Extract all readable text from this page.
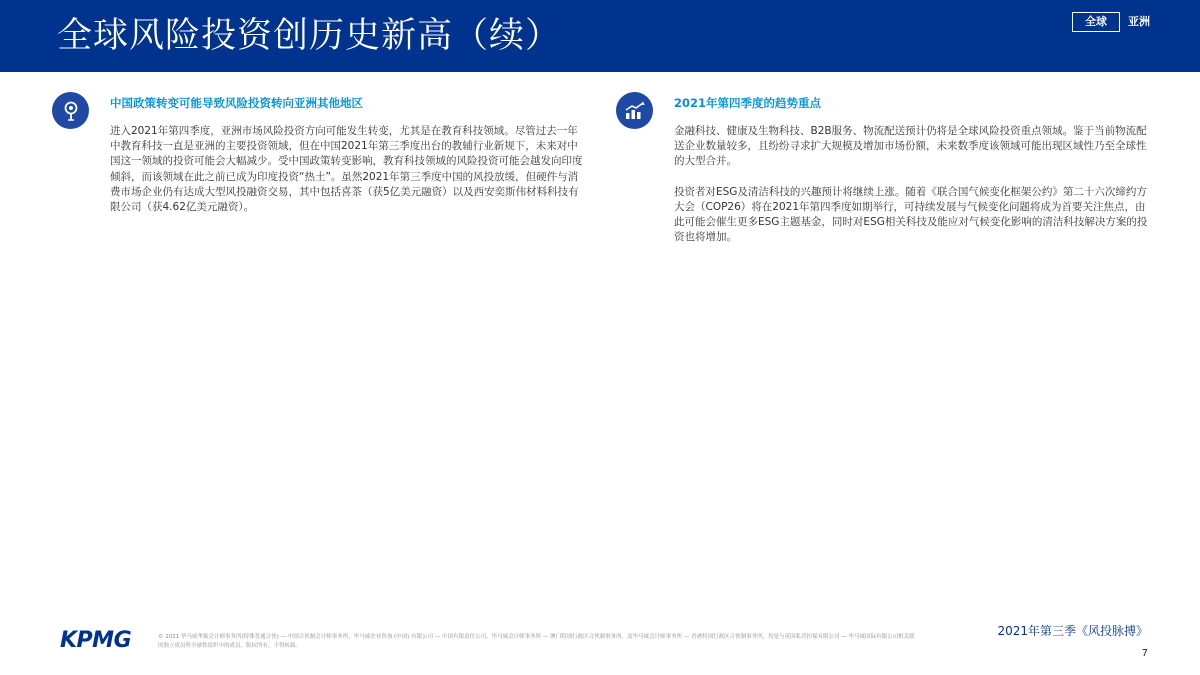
全球风险投资创历史新高（续）	全球	亚洲
中国政策转变可能导致风险投资转向亚洲其他地区

进入2021年第四季度，亚洲市场风险投资方向可能发生转变，尤其是在教育科技领域。尽管过去一年中教育科技一直是亚洲的主要投资领域，但在中国2021年第三季度出台的教辅行业新规下，未来对中国这一领域的投资可能会大幅减少。受中国政策转变影响，教育科技领域的风险投资可能会越发向印度倾斜，而该领域在此之前已成为印度投资“热土”。虽然2021年第三季度中国的风投放缓，但硬件与消费市场企业仍有达成大型风投融资交易，其中包括喜茶（获5亿美元融资）以及西安奕斯伟材料科技有限公司（获4.62亿美元融资）。

2021年第四季度的趋势重点

金融科技、健康及生物科技、B2B服务、物流配送预计仍将是全球风险投资重点领域。鉴于当前物流配送企业数量较多，且纷纷寻求扩大规模及增加市场份额，未来数季度该领域可能出现区域性乃至全球性的大型合并。

投资者对ESG及清洁科技的兴趣预计将继续上涨。随着《联合国气候变化框架公约》第二十六次缔约方大会（COP26）将在2021年第四季度如期举行，可持续发展与气候变化问题将成为首要关注焦点，由此可能会催生更多ESG主题基金，同时对ESG相关科技及能应对气候变化影响的清洁科技解决方案的投资也将增加。

KPMG	© 2021 毕马威华振会计师事务所(特殊普通合伙) — 中国合伙制会计师事务所，毕马威企业咨询 (中国) 有限公司 — 中国有限责任公司，毕马威会计师事务所 — 澳门特别行政区合伙制事务所，及毕马威会计师事务所 — 香港特别行政区合伙制事务所，均是与英国私营担保有限公司 — 毕马威国际有限公司相关联的独立成员所全球性组织中的成员。版权所有，不得转载。
2021年第三季《风投脉搏》
7
